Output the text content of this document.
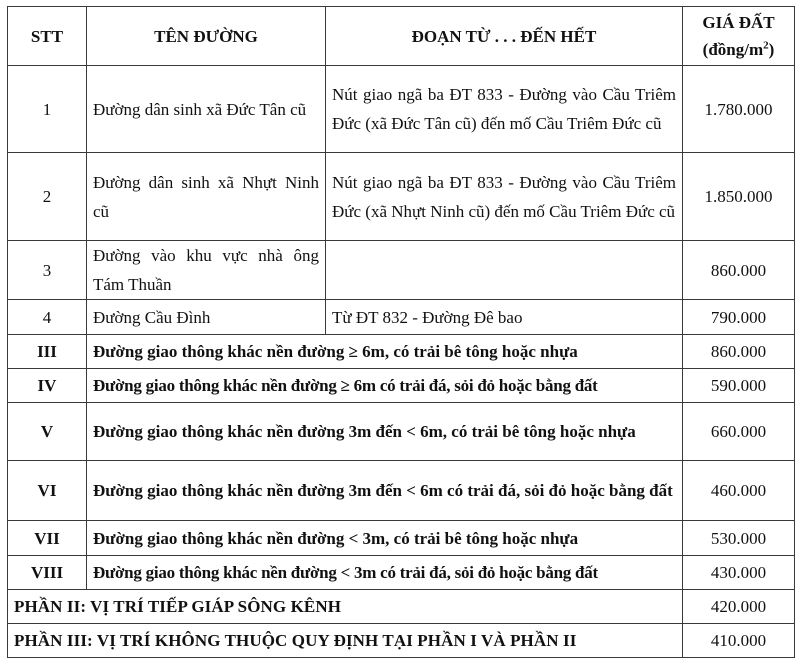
STT	TÊN ĐƯỜNG	ĐOẠN TỪ . . . ĐẾN HẾT	GIÁ ĐẤT
$(đồng/m^2)$
1	Đường dân sinh xã Đức Tân cũ	Nút giao ngã ba ĐT 833 - Đường vào Cầu Triêm Đức (xã Đức Tân cũ) đến mố Cầu Triêm Đức cũ	1.780.000
2	Đường dân sinh xã Nhựt Ninh cũ	Nút giao ngã ba ĐT 833 - Đường vào Cầu Triêm Đức (xã Nhựt Ninh cũ) đến mố Cầu Triêm Đức cũ	1.850.000
3	Đường vào khu vực nhà ông Tám Thuần		860.000
4	Đường Cầu Đình	Từ ĐT 832 - Đường Đê bao	790.000
III	Đường giao thông khác nền đường ≥ 6m, có trải bê tông hoặc nhựa		860.000
IV	Đường giao thông khác nền đường ≥ 6m có trải đá, sỏi đỏ hoặc bằng đất		590.000
V	Đường giao thông khác nền đường 3m đến < 6m, có trải bê tông hoặc nhựa		660.000
VI	Đường giao thông khác nền đường 3m đến < 6m có trải đá, sỏi đỏ hoặc bằng đất		460.000
VII	Đường giao thông khác nền đường < 3m, có trải bê tông hoặc nhựa		530.000
VIII	Đường giao thông khác nền đường < 3m có trải đá, sỏi đỏ hoặc bằng đất		430.000
PHẦN II: VỊ TRÍ TIẾP GIÁP SÔNG KÊNH			420.000
PHẦN III: VỊ TRÍ KHÔNG THUỘC QUY ĐỊNH TẠI PHẦN I VÀ PHẦN II			410.000
